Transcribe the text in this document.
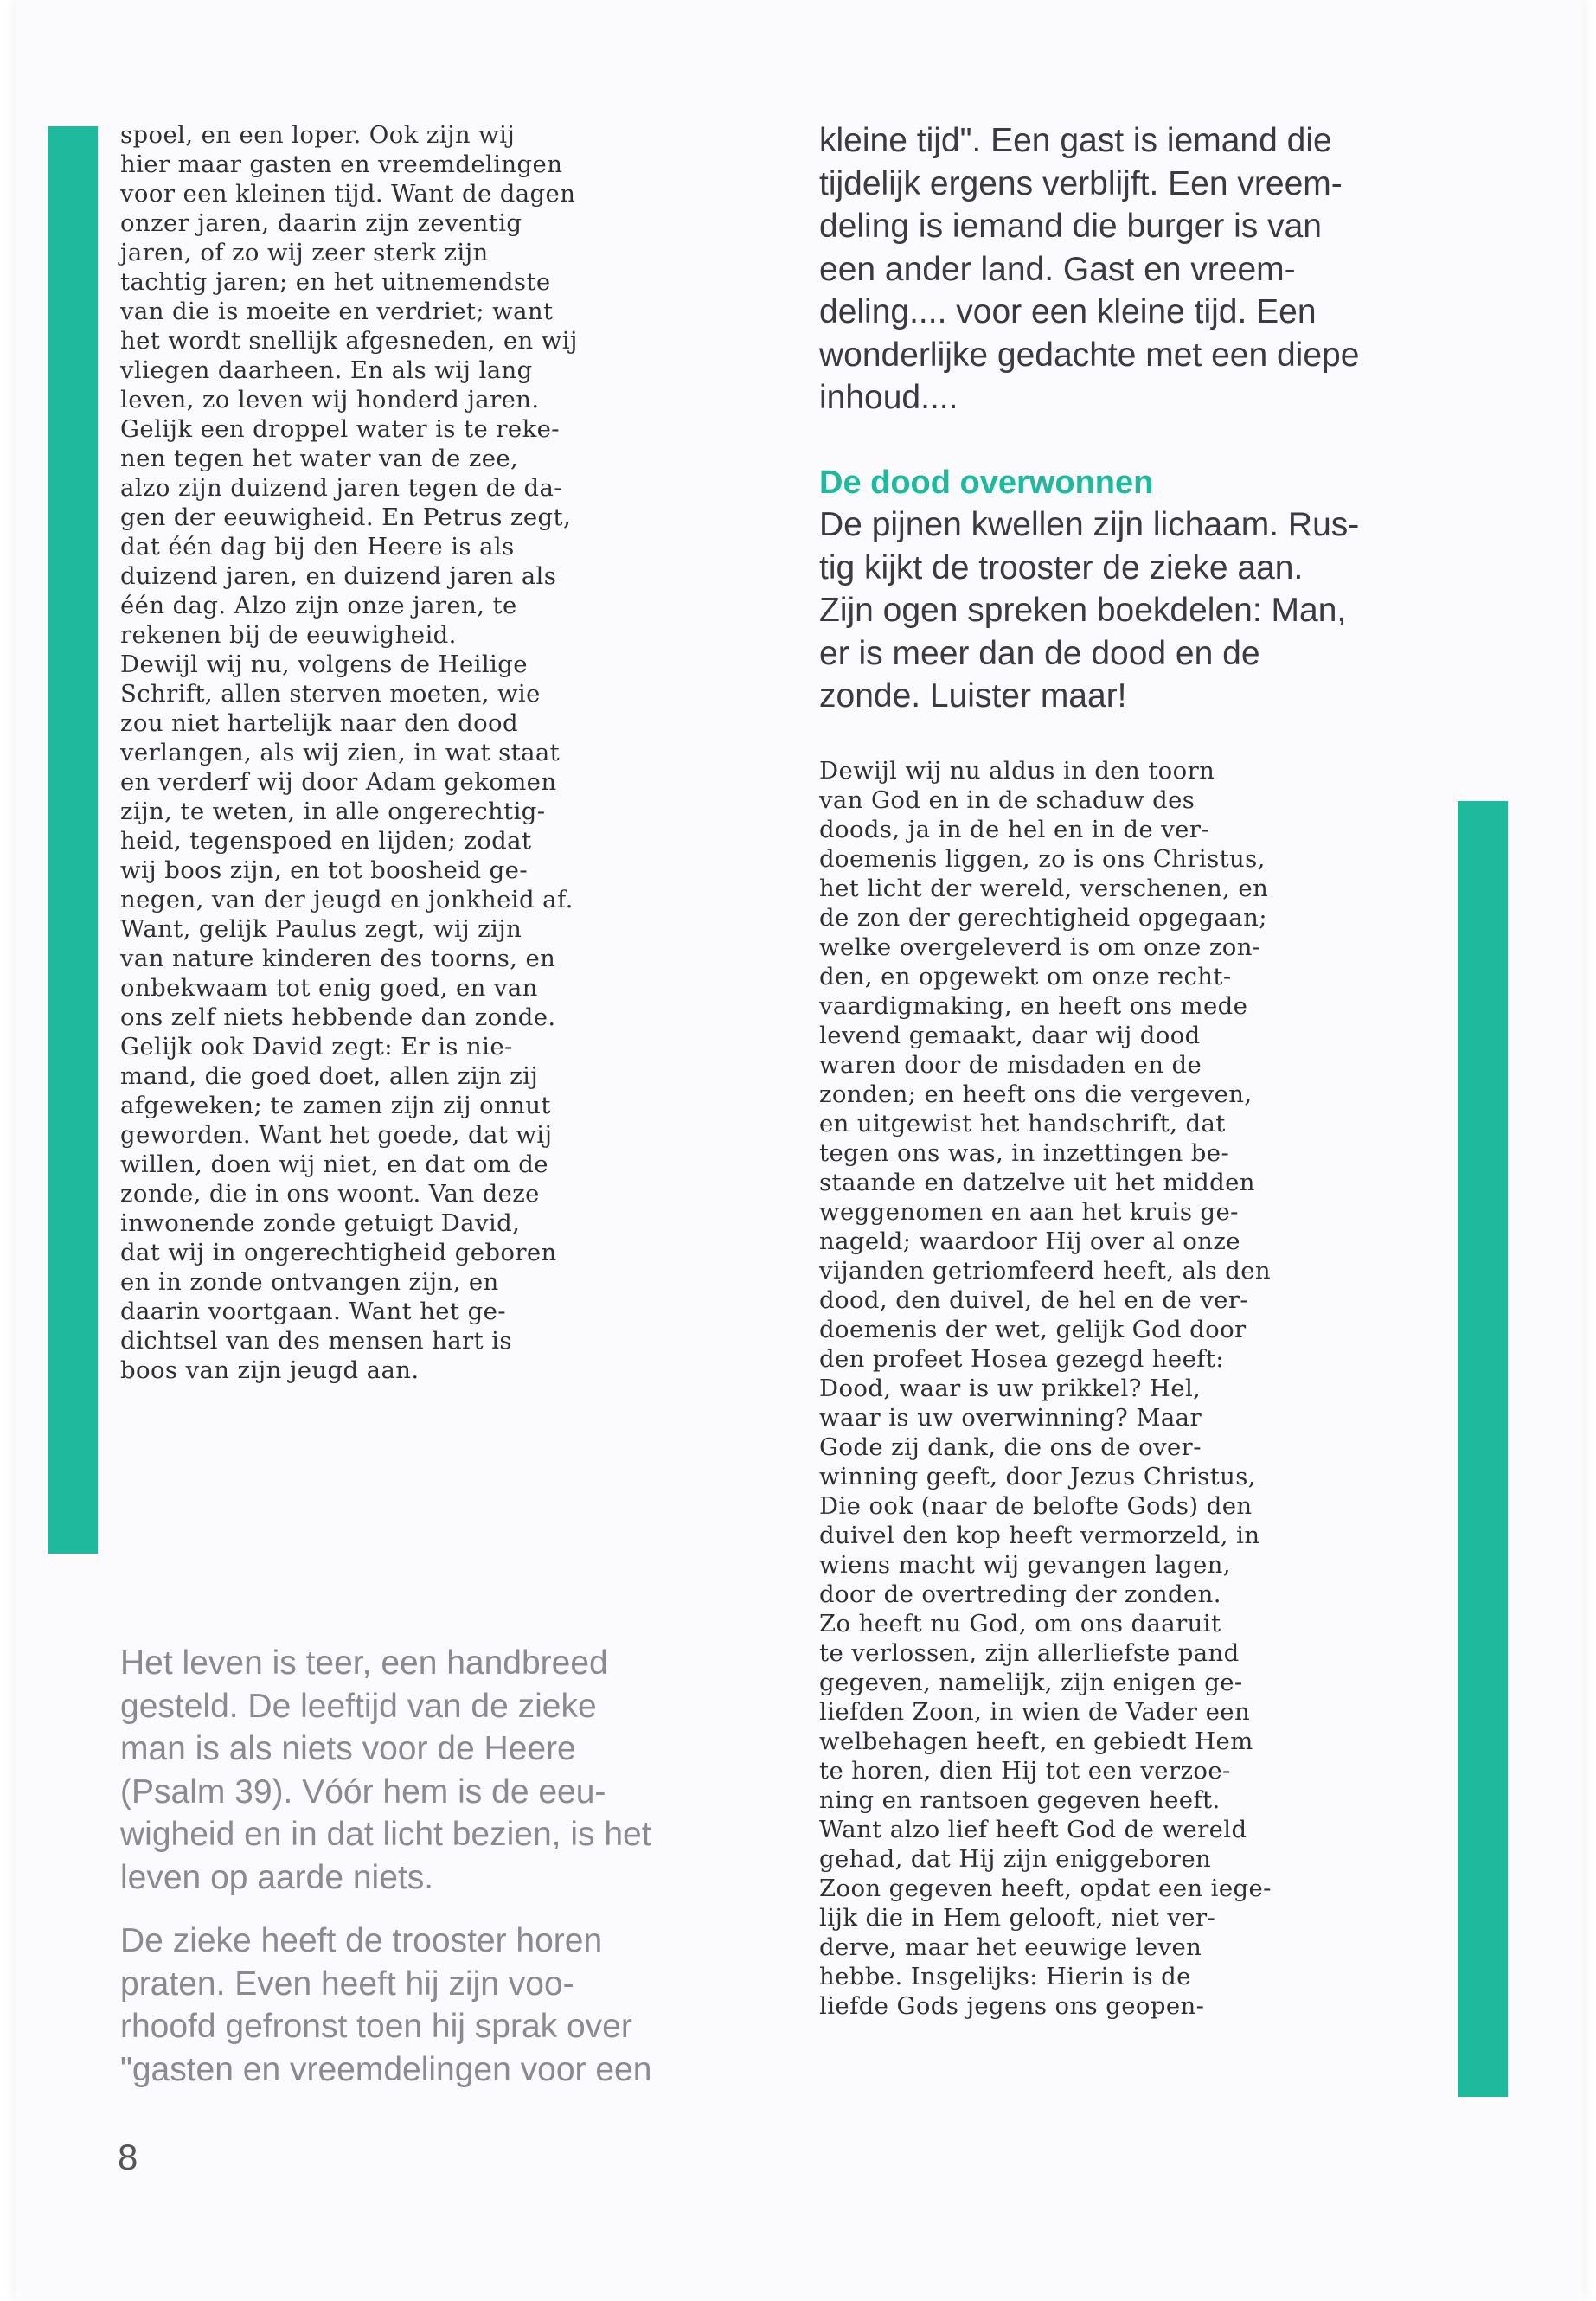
spoel, en een loper. Ook zijn wij
hier maar gasten en vreemdelingen
voor een kleinen tijd. Want de dagen
onzer jaren, daarin zijn zeventig
jaren, of zo wij zeer sterk zijn
tachtig jaren; en het uitnemendste
van die is moeite en verdriet; want
het wordt snellijk afgesneden, en wij
vliegen daarheen. En als wij lang
leven, zo leven wij honderd jaren.
Gelijk een droppel water is te reke-
nen tegen het water van de zee,
alzo zijn duizend jaren tegen de da-
gen der eeuwigheid. En Petrus zegt,
dat één dag bij den Heere is als
duizend jaren, en duizend jaren als
één dag. Alzo zijn onze jaren, te
rekenen bij de eeuwigheid.
Dewijl wij nu, volgens de Heilige
Schrift, allen sterven moeten, wie
zou niet hartelijk naar den dood
verlangen, als wij zien, in wat staat
en verderf wij door Adam gekomen
zijn, te weten, in alle ongerechtig-
heid, tegenspoed en lijden; zodat
wij boos zijn, en tot boosheid ge-
negen, van der jeugd en jonkheid af.
Want, gelijk Paulus zegt, wij zijn
van nature kinderen des toorns, en
onbekwaam tot enig goed, en van
ons zelf niets hebbende dan zonde.
Gelijk ook David zegt: Er is nie-
mand, die goed doet, allen zijn zij
afgeweken; te zamen zijn zij onnut
geworden. Want het goede, dat wij
willen, doen wij niet, en dat om de
zonde, die in ons woont. Van deze
inwonende zonde getuigt David,
dat wij in ongerechtigheid geboren
en in zonde ontvangen zijn, en
daarin voortgaan. Want het ge-
dichtsel van des mensen hart is
boos van zijn jeugd aan.

Het leven is teer, een handbreed
gesteld. De leeftijd van de zieke
man is als niets voor de Heere
(Psalm 39). Vóór hem is de eeu-
wigheid en in dat licht bezien, is het
leven op aarde niets.

De zieke heeft de trooster horen
praten. Even heeft hij zijn voo-
rhoofd gefronst toen hij sprak over
"gasten en vreemdelingen voor een

kleine tijd". Een gast is iemand die
tijdelijk ergens verblijft. Een vreem-
deling is iemand die burger is van
een ander land. Gast en vreem-
deling.... voor een kleine tijd. Een
wonderlijke gedachte met een diepe
inhoud....

De dood overwonnen

De pijnen kwellen zijn lichaam. Rus-
tig kijkt de trooster de zieke aan.
Zijn ogen spreken boekdelen: Man,
er is meer dan de dood en de
zonde. Luister maar!

Dewijl wij nu aldus in den toorn
van God en in de schaduw des
doods, ja in de hel en in de ver-
doemenis liggen, zo is ons Christus,
het licht der wereld, verschenen, en
de zon der gerechtigheid opgegaan;
welke overgeleverd is om onze zon-
den, en opgewekt om onze recht-
vaardigmaking, en heeft ons mede
levend gemaakt, daar wij dood
waren door de misdaden en de
zonden; en heeft ons die vergeven,
en uitgewist het handschrift, dat
tegen ons was, in inzettingen be-
staande en datzelve uit het midden
weggenomen en aan het kruis ge-
nageld; waardoor Hij over al onze
vijanden getriomfeerd heeft, als den
dood, den duivel, de hel en de ver-
doemenis der wet, gelijk God door
den profeet Hosea gezegd heeft:
Dood, waar is uw prikkel? Hel,
waar is uw overwinning? Maar
Gode zij dank, die ons de over-
winning geeft, door Jezus Christus,
Die ook (naar de belofte Gods) den
duivel den kop heeft vermorzeld, in
wiens macht wij gevangen lagen,
door de overtreding der zonden.
Zo heeft nu God, om ons daaruit
te verlossen, zijn allerliefste pand
gegeven, namelijk, zijn enigen ge-
liefden Zoon, in wien de Vader een
welbehagen heeft, en gebiedt Hem
te horen, dien Hij tot een verzoe-
ning en rantsoen gegeven heeft.
Want alzo lief heeft God de wereld
gehad, dat Hij zijn eniggeboren
Zoon gegeven heeft, opdat een iege-
lijk die in Hem gelooft, niet ver-
derve, maar het eeuwige leven
hebbe. Insgelijks: Hierin is de
liefde Gods jegens ons geopen-

8
